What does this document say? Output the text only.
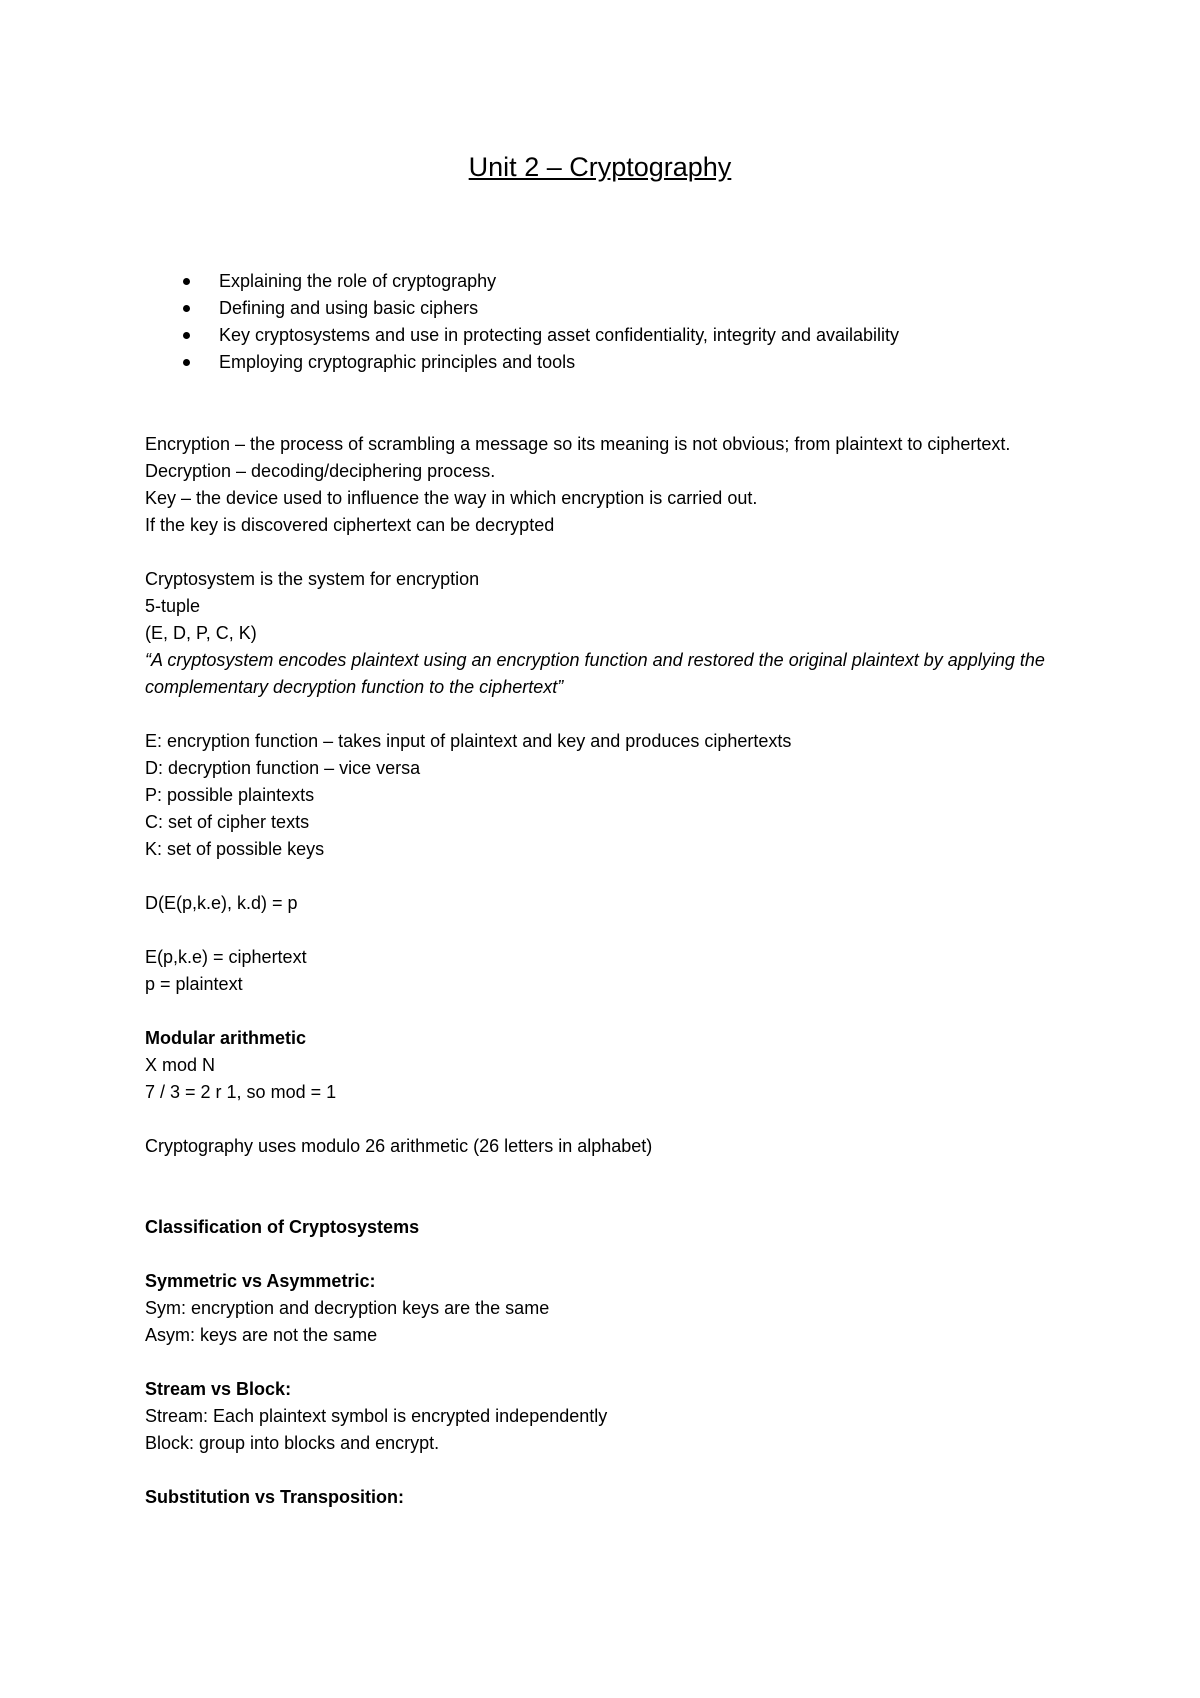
Unit 2 – Cryptography
Explaining the role of cryptography
Defining and using basic ciphers
Key cryptosystems and use in protecting asset confidentiality, integrity and availability
Employing cryptographic principles and tools
Encryption – the process of scrambling a message so its meaning is not obvious; from plaintext to ciphertext.
Decryption – decoding/deciphering process.
Key – the device used to influence the way in which encryption is carried out.
If the key is discovered ciphertext can be decrypted
Cryptosystem is the system for encryption
5-tuple
(E, D, P, C, K)
“A cryptosystem encodes plaintext using an encryption function and restored the original plaintext by applying the complementary decryption function to the ciphertext”
E: encryption function – takes input of plaintext and key and produces ciphertexts
D: decryption function – vice versa
P: possible plaintexts
C: set of cipher texts
K: set of possible keys
D(E(p,k.e), k.d) = p
E(p,k.e) = ciphertext
p = plaintext
Modular arithmetic
X mod N
7 / 3 = 2 r 1, so mod = 1
Cryptography uses modulo 26 arithmetic (26 letters in alphabet)
Classification of Cryptosystems
Symmetric vs Asymmetric:
Sym: encryption and decryption keys are the same
Asym: keys are not the same
Stream vs Block:
Stream: Each plaintext symbol is encrypted independently
Block: group into blocks and encrypt.
Substitution vs Transposition:
